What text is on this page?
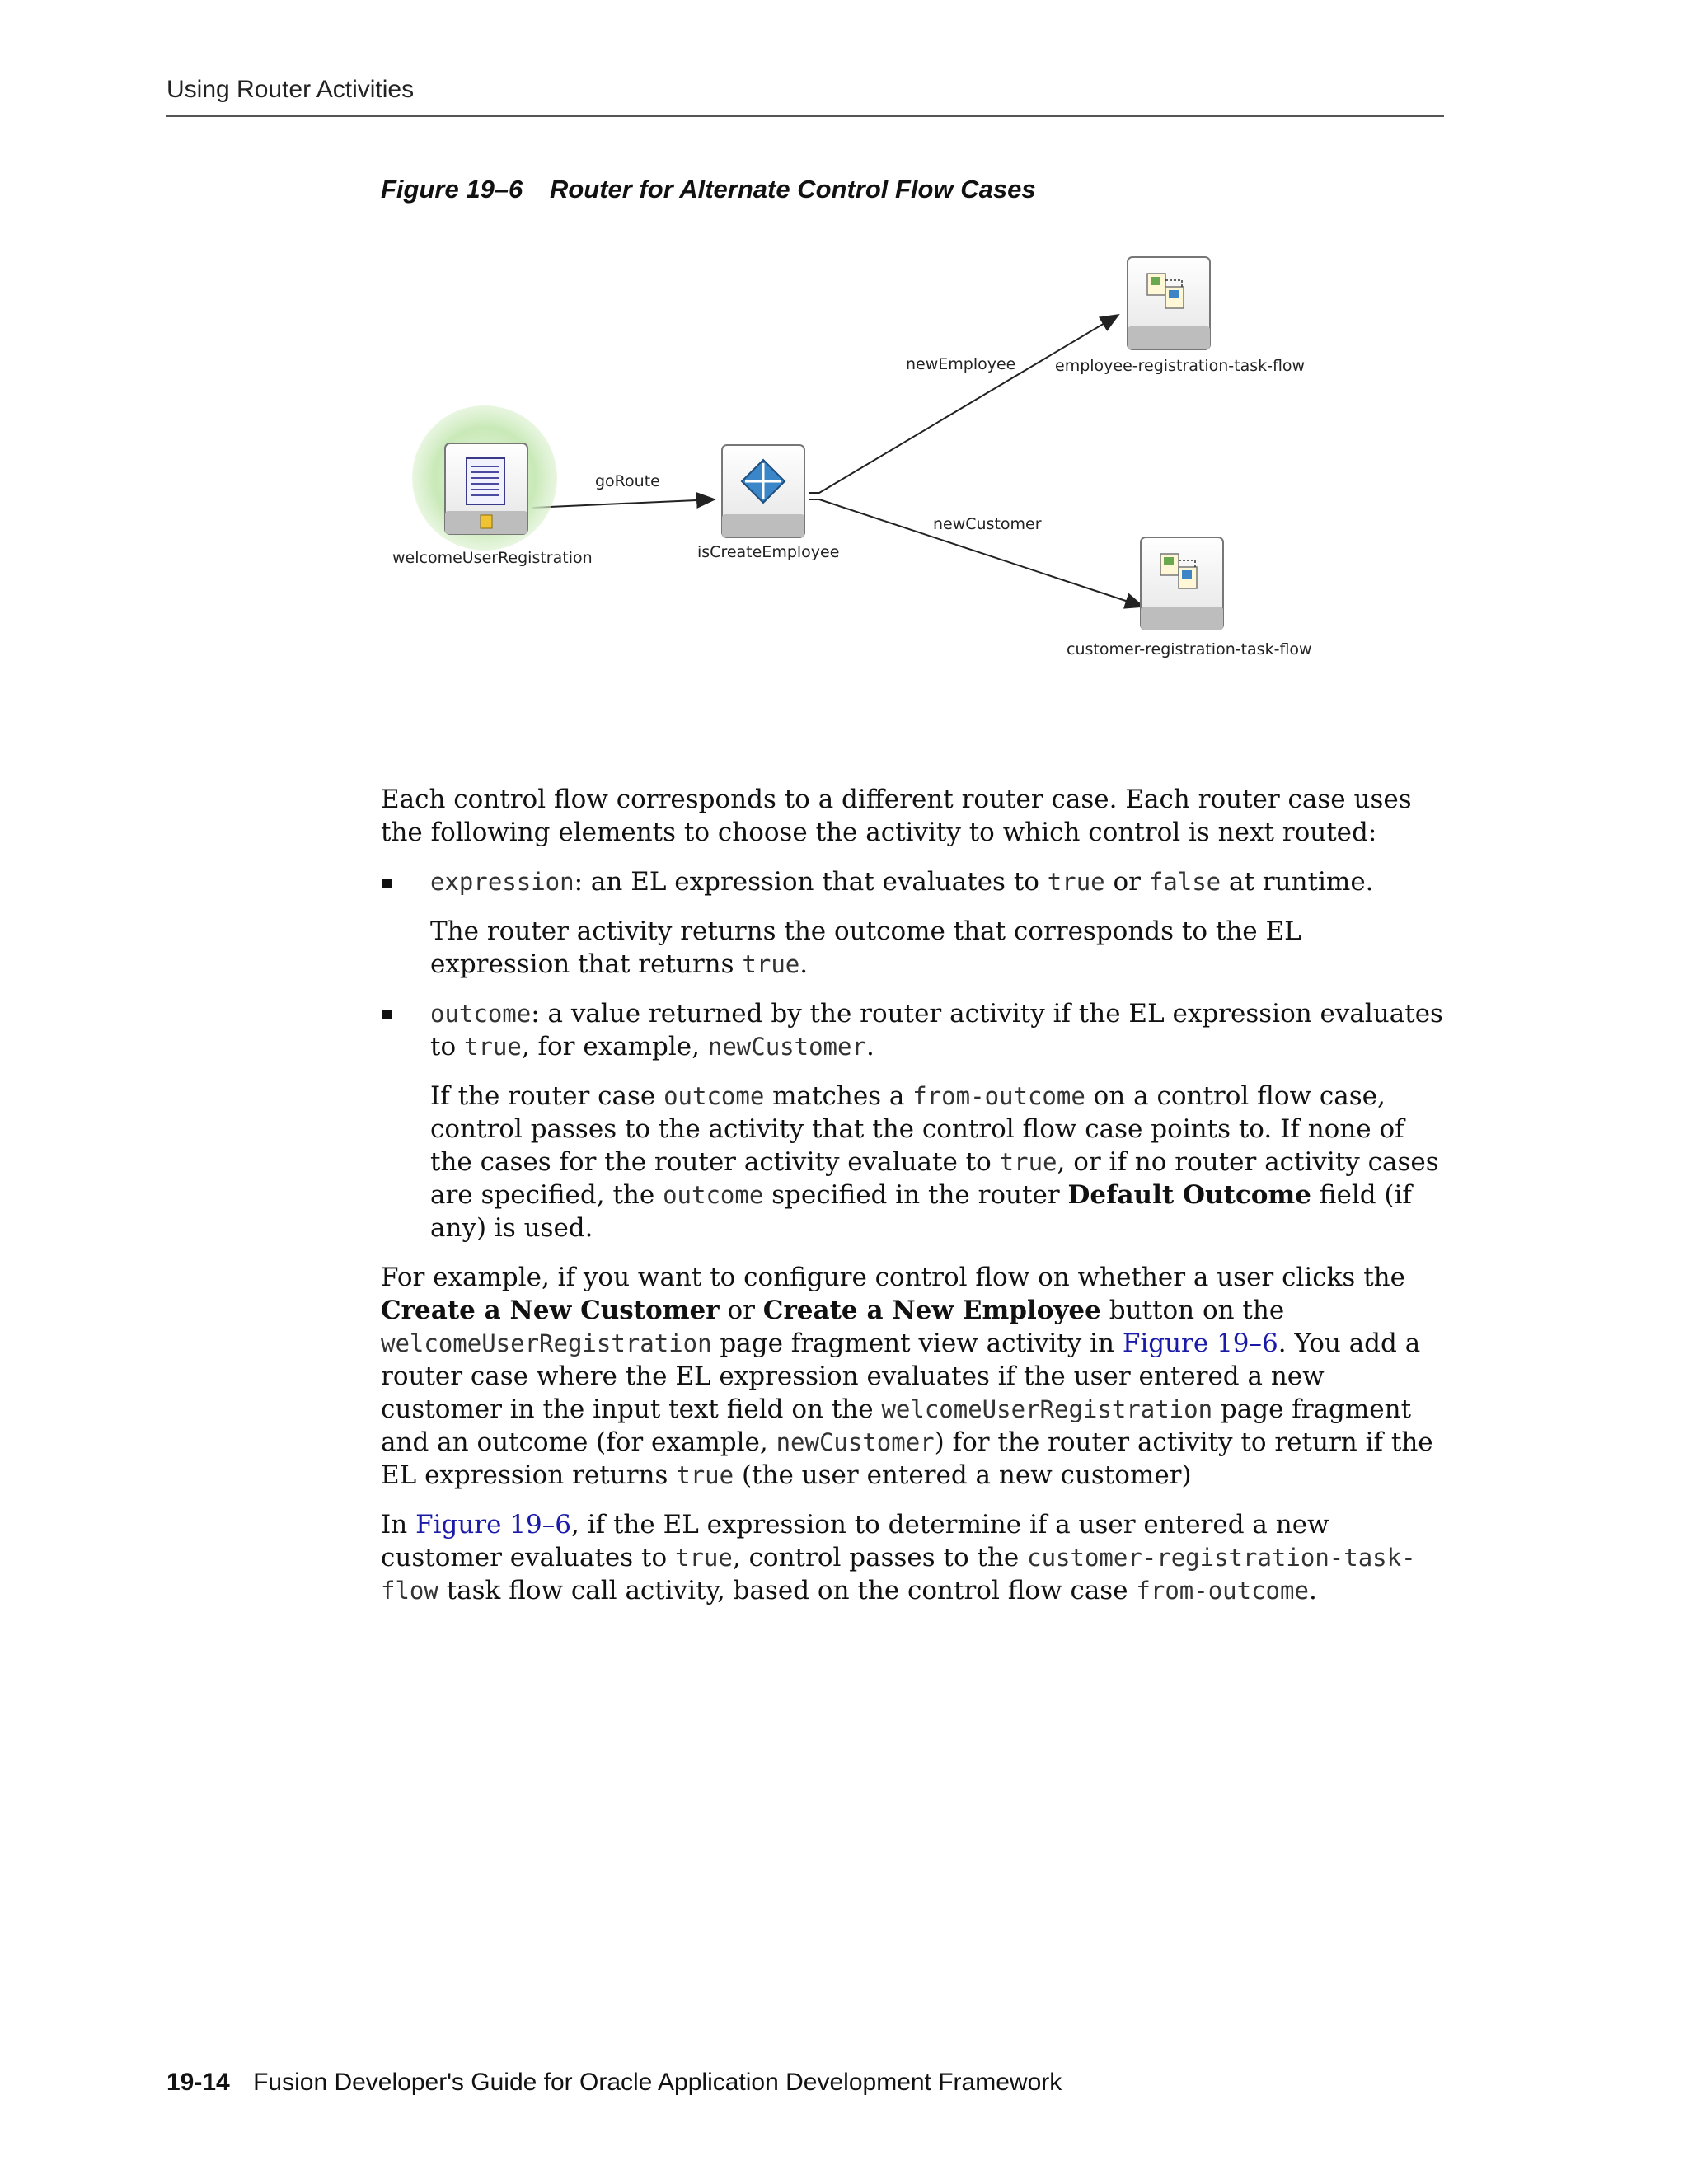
Using Router Activities
Figure 19–6 Router for Alternate Control Flow Cases
welcomeUserRegistration
goRoute
isCreateEmployee
newEmployee
newCustomer
employee-registration-task-flow
customer-registration-task-flow

Each control flow corresponds to a different router case. Each router case uses the following elements to choose the activity to which control is next routed:

expression: an EL expression that evaluates to true or false at runtime.

The router activity returns the outcome that corresponds to the EL expression that returns true.

outcome: a value returned by the router activity if the EL expression evaluates to true, for example, newCustomer.

If the router case outcome matches a from-outcome on a control flow case, control passes to the activity that the control flow case points to. If none of the cases for the router activity evaluate to true, or if no router activity cases are specified, the outcome specified in the router Default Outcome field (if any) is used.

For example, if you want to configure control flow on whether a user clicks the Create a New Customer or Create a New Employee button on the welcomeUserRegistration page fragment view activity in Figure 19–6. You add a router case where the EL expression evaluates if the user entered a new customer in the input text field on the welcomeUserRegistration page fragment and an outcome (for example, newCustomer) for the router activity to return if the EL expression returns true (the user entered a new customer)

In Figure 19–6, if the EL expression to determine if a user entered a new customer evaluates to true, control passes to the customer-registration-task-flow task flow call activity, based on the control flow case from-outcome.

19-14 Fusion Developer's Guide for Oracle Application Development Framework
